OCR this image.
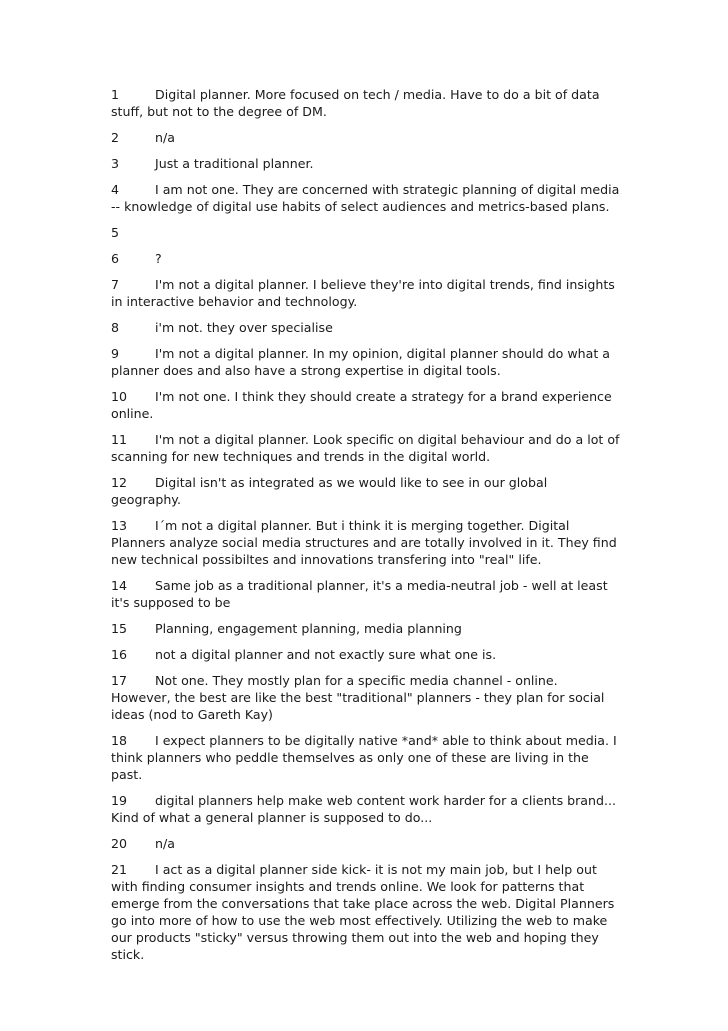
1	Digital planner. More focused on tech / media. Have to do a bit of data stuff, but not to the degree of DM.

2	n/a

3	Just a traditional planner.

4	I am not one. They are concerned with strategic planning of digital media -- knowledge of digital use habits of select audiences and metrics-based plans.

5

6	?

7	I'm not a digital planner. I believe they're into digital trends, find insights in interactive behavior and technology.

8	i'm not. they over specialise

9	I'm not a digital planner. In my opinion, digital planner should do what a planner does and also have a strong expertise in digital tools.

10 I'm not one. I think they should create a strategy for a brand experience online.

11 I'm not a digital planner. Look specific on digital behaviour and do a lot of scanning for new techniques and trends in the digital world.

12 Digital isn't as integrated as we would like to see in our global geography.

13 I´m not a digital planner. But i think it is merging together. Digital Planners analyze social media structures and are totally involved in it. They find new technical possibiltes and innovations transfering into "real" life.

14 Same job as a traditional planner, it's a media-neutral job - well at least it's supposed to be

15 Planning, engagement planning, media planning

16 not a digital planner and not exactly sure what one is.

17 Not one. They mostly plan for a specific media channel - online. However, the best are like the best "traditional" planners - they plan for social ideas (nod to Gareth Kay)

18 I expect planners to be digitally native *and* able to think about media. I think planners who peddle themselves as only one of these are living in the past.

19 digital planners help make web content work harder for a clients brand... Kind of what a general planner is supposed to do...

20 n/a

21 I act as a digital planner side kick- it is not my main job, but I help out with finding consumer insights and trends online. We look for patterns that emerge from the conversations that take place across the web. Digital Planners go into more of how to use the web most effectively. Utilizing the web to make our products "sticky" versus throwing them out into the web and hoping they stick.
